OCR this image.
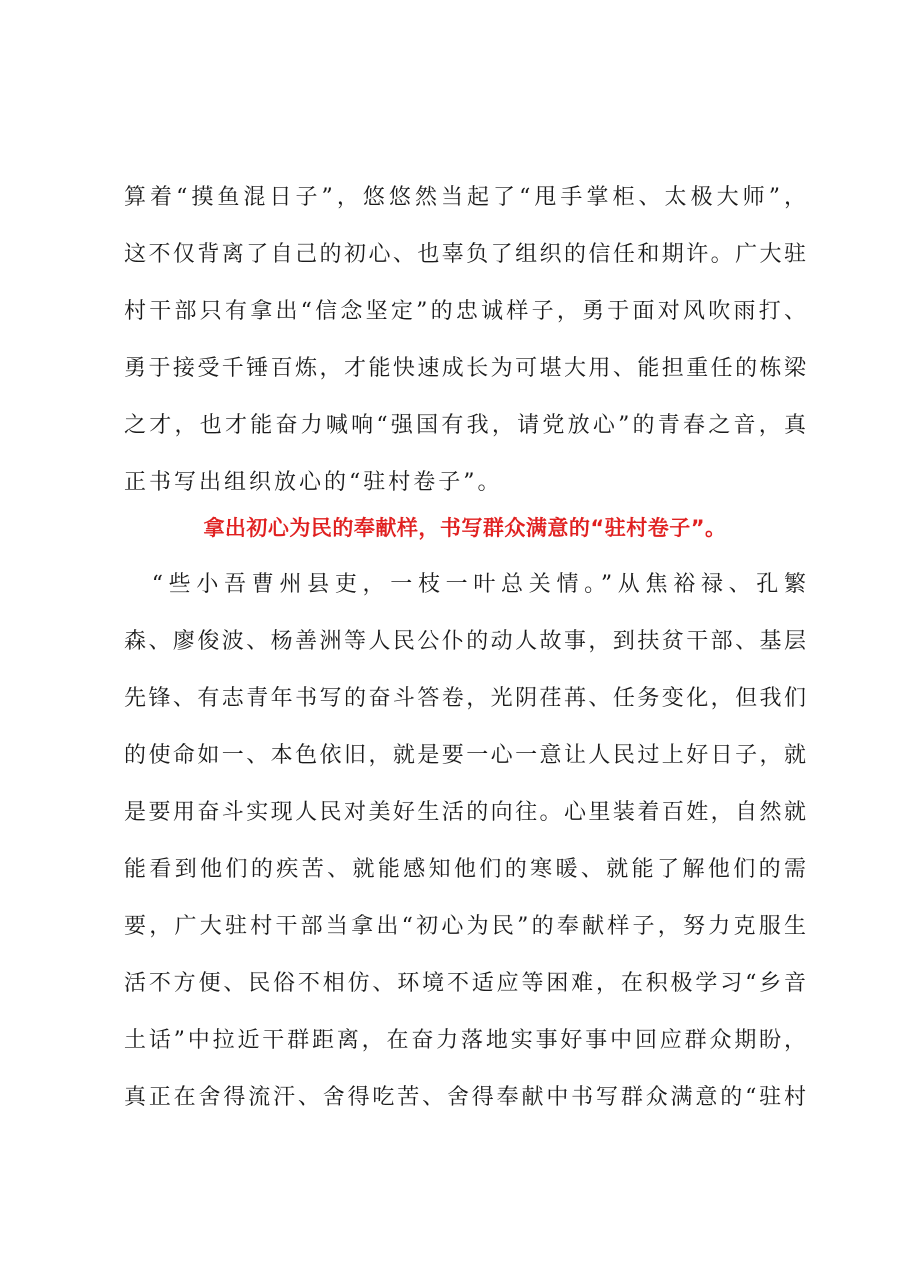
算着“摸鱼混日子”，悠悠然当起了“甩手掌柜、太极大师”，
这不仅背离了自己的初心、也辜负了组织的信任和期许。广大驻
村干部只有拿出“信念坚定”的忠诚样子，勇于面对风吹雨打、
勇于接受千锤百炼，才能快速成长为可堪大用、能担重任的栋梁
之才，也才能奋力喊响“强国有我，请党放心”的青春之音，真
正书写出组织放心的“驻村卷子”。
拿出初心为民的奉献样，书写群众满意的“驻村卷子”。
　“些小吾曹州县吏，一枝一叶总关情。”从焦裕禄、孔繁
森、廖俊波、杨善洲等人民公仆的动人故事，到扶贫干部、基层
先锋、有志青年书写的奋斗答卷，光阴荏苒、任务变化，但我们
的使命如一、本色依旧，就是要一心一意让人民过上好日子，就
是要用奋斗实现人民对美好生活的向往。心里装着百姓，自然就
能看到他们的疾苦、就能感知他们的寒暖、就能了解他们的需
要，广大驻村干部当拿出“初心为民”的奉献样子，努力克服生
活不方便、民俗不相仿、环境不适应等困难，在积极学习“乡音
土话”中拉近干群距离，在奋力落地实事好事中回应群众期盼，
真正在舍得流汗、舍得吃苦、舍得奉献中书写群众满意的“驻村
